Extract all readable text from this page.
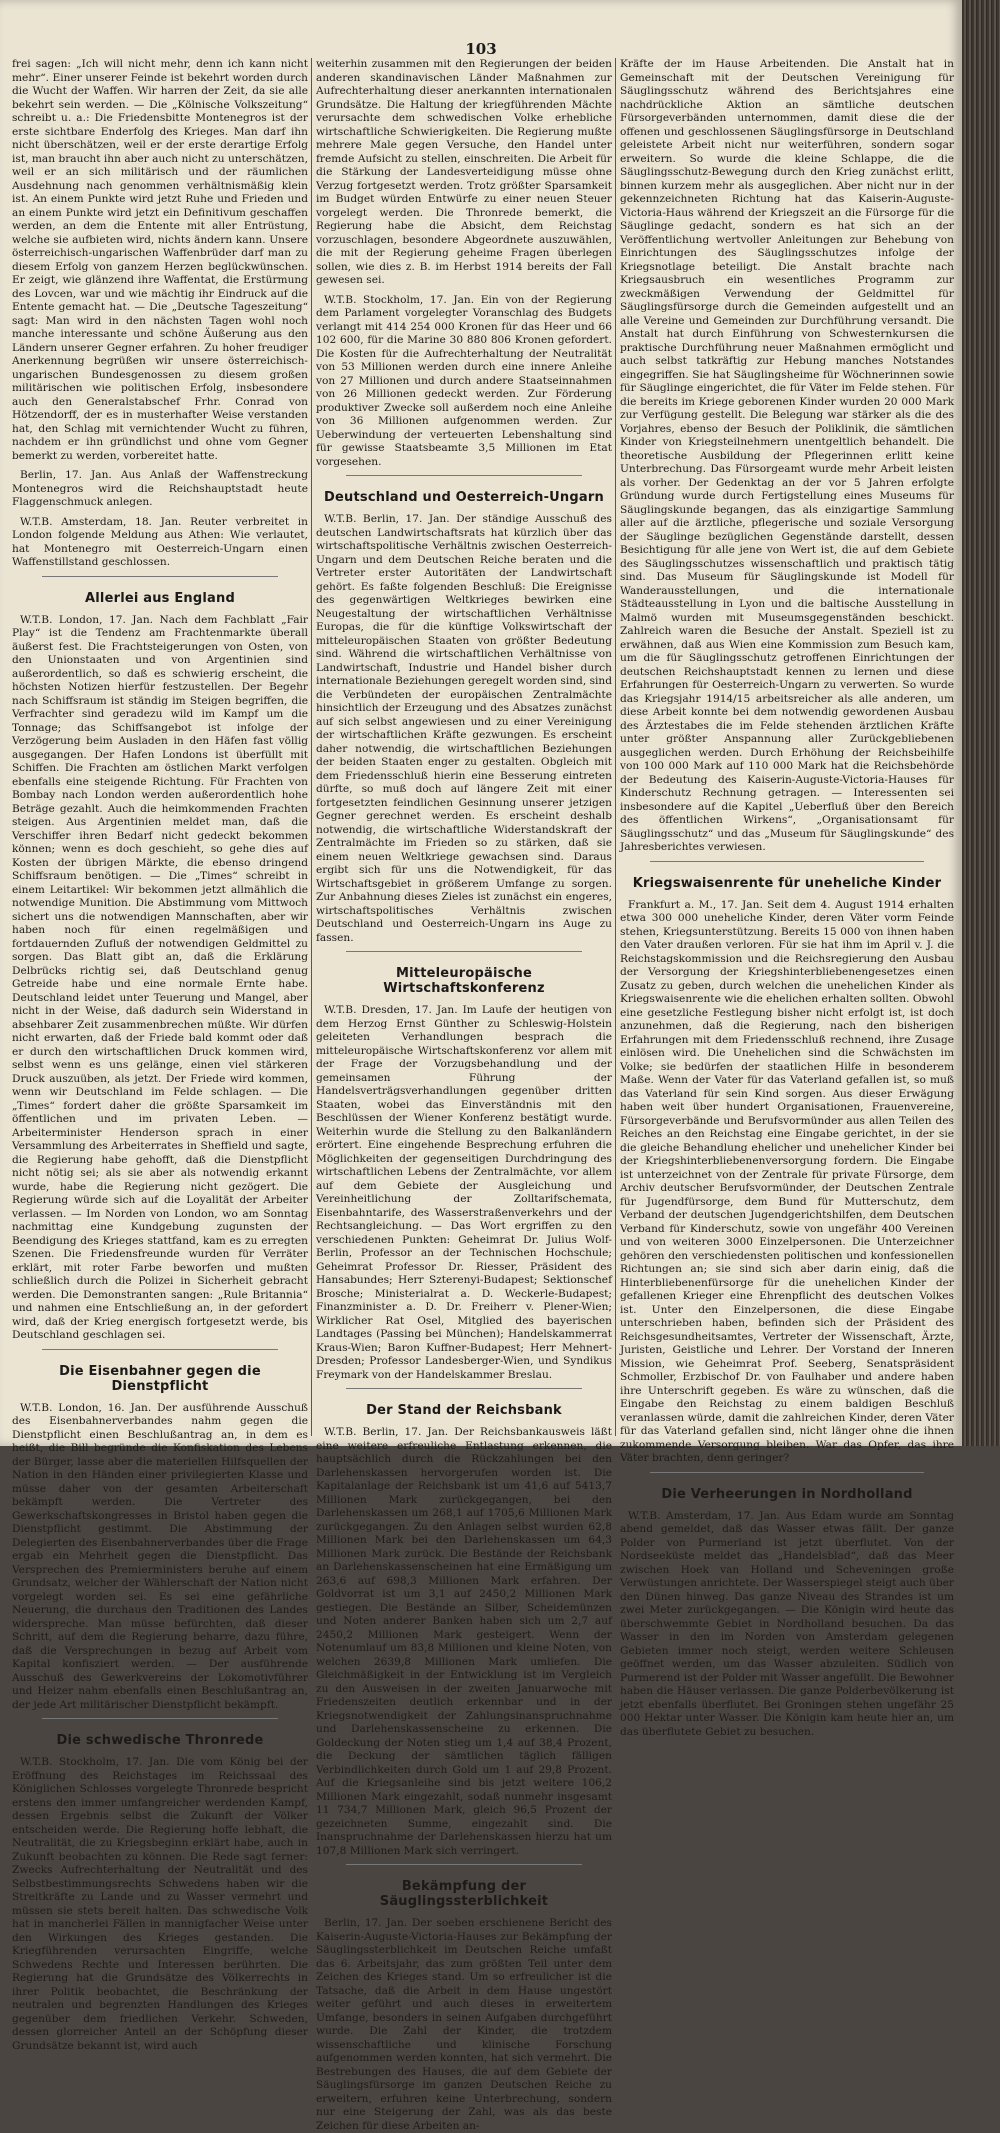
103

frei sagen: „Ich will nicht mehr, denn ich kann nicht mehr“. Einer unserer Feinde ist bekehrt worden durch die Wucht der Waffen. Wir harren der Zeit, da sie alle bekehrt sein werden. — Die „Kölnische Volkszeitung“ schreibt u. a.: Die Friedensbitte Montenegros ist der erste sichtbare Enderfolg des Krieges. Man darf ihn nicht überschätzen, weil er der erste derartige Erfolg ist, man braucht ihn aber auch nicht zu unterschätzen, weil er an sich militärisch und der räumlichen Ausdehnung nach genommen verhältnismäßig klein ist. An einem Punkte wird jetzt Ruhe und Frieden und an einem Punkte wird jetzt ein Definitivum geschaffen werden, an dem die Entente mit aller Entrüstung, welche sie aufbieten wird, nichts ändern kann. Unsere österreichisch-ungarischen Waffenbrüder darf man zu diesem Erfolg von ganzem Herzen beglückwünschen. Er zeigt, wie glänzend ihre Waffentat, die Erstürmung des Lovcen, war und wie mächtig ihr Eindruck auf die Entente gemacht hat. — Die „Deutsche Tageszeitung“ sagt: Man wird in den nächsten Tagen wohl noch manche interessante und schöne Äußerung aus den Ländern unserer Gegner erfahren. Zu hoher freudiger Anerkennung begrüßen wir unsere österreichisch-ungarischen Bundesgenossen zu diesem großen militärischen wie politischen Erfolg, insbesondere auch den Generalstabschef Frhr. Conrad von Hötzendorff, der es in musterhafter Weise verstanden hat, den Schlag mit vernichtender Wucht zu führen, nachdem er ihn gründlichst und ohne vom Gegner bemerkt zu werden, vorbereitet hatte.

Berlin, 17. Jan. Aus Anlaß der Waffenstreckung Montenegros wird die Reichshauptstadt heute Flaggenschmuck anlegen.

W.T.B. Amsterdam, 18. Jan. Reuter verbreitet in London folgende Meldung aus Athen: Wie verlautet, hat Montenegro mit Oesterreich-Ungarn einen Waffenstillstand geschlossen.

Allerlei aus England

W.T.B. London, 17. Jan. Nach dem Fachblatt „Fair Play“ ist die Tendenz am Frachtenmarkte überall äußerst fest. Die Frachtsteigerungen von Osten, von den Unionstaaten und von Argentinien sind außerordentlich, so daß es schwierig erscheint, die höchsten Notizen hierfür festzustellen. Der Begehr nach Schiffsraum ist ständig im Steigen begriffen, die Verfrachter sind geradezu wild im Kampf um die Tonnage; das Schiffsangebot ist infolge der Verzögerung beim Ausladen in den Häfen fast völlig ausgegangen. Der Hafen Londons ist überfüllt mit Schiffen. Die Frachten am östlichen Markt verfolgen ebenfalls eine steigende Richtung. Für Frachten von Bombay nach London werden außerordentlich hohe Beträge gezahlt. Auch die heimkommenden Frachten steigen. Aus Argentinien meldet man, daß die Verschiffer ihren Bedarf nicht gedeckt bekommen können; wenn es doch geschieht, so gehe dies auf Kosten der übrigen Märkte, die ebenso dringend Schiffsraum benötigen. — Die „Times“ schreibt in einem Leitartikel: Wir bekommen jetzt allmählich die notwendige Munition. Die Abstimmung vom Mittwoch sichert uns die notwendigen Mannschaften, aber wir haben noch für einen regelmäßigen und fortdauernden Zufluß der notwendigen Geldmittel zu sorgen. Das Blatt gibt an, daß die Erklärung Delbrücks richtig sei, daß Deutschland genug Getreide habe und eine normale Ernte habe. Deutschland leidet unter Teuerung und Mangel, aber nicht in der Weise, daß dadurch sein Widerstand in absehbarer Zeit zusammenbrechen müßte. Wir dürfen nicht erwarten, daß der Friede bald kommt oder daß er durch den wirtschaftlichen Druck kommen wird, selbst wenn es uns gelänge, einen viel stärkeren Druck auszuüben, als jetzt. Der Friede wird kommen, wenn wir Deutschland im Felde schlagen. — Die „Times“ fordert daher die größte Sparsamkeit im öffentlichen und im privaten Leben. — Arbeiterminister Henderson sprach in einer Versammlung des Arbeiterrates in Sheffield und sagte, die Regierung habe gehofft, daß die Dienstpflicht nicht nötig sei; als sie aber als notwendig erkannt wurde, habe die Regierung nicht gezögert. Die Regierung würde sich auf die Loyalität der Arbeiter verlassen. — Im Norden von London, wo am Sonntag nachmittag eine Kundgebung zugunsten der Beendigung des Krieges stattfand, kam es zu erregten Szenen. Die Friedensfreunde wurden für Verräter erklärt, mit roter Farbe beworfen und mußten schließlich durch die Polizei in Sicherheit gebracht werden. Die Demonstranten sangen: „Rule Britannia“ und nahmen eine Entschließung an, in der gefordert wird, daß der Krieg energisch fortgesetzt werde, bis Deutschland geschlagen sei.

Die Eisenbahner gegen die Dienstpflicht

W.T.B. London, 16. Jan. Der ausführende Ausschuß des Eisenbahnerverbandes nahm gegen die Dienstpflicht einen Beschlußantrag an, in dem es heißt, die Bill begründe die Konfiskation des Lebens der Bürger, lasse aber die materiellen Hilfsquellen der Nation in den Händen einer privilegierten Klasse und müsse daher von der gesamten Arbeiterschaft bekämpft werden. Die Vertreter des Gewerkschaftskongresses in Bristol haben gegen die Dienstpflicht gestimmt. Die Abstimmung der Delegierten des Eisenbahnerverbandes über die Frage ergab ein Mehrheit gegen die Dienstpflicht. Das Versprechen des Premierministers beruhe auf einem Grundsatz, welcher der Wählerschaft der Nation nicht vorgelegt worden sei. Es sei eine gefährliche Neuerung, die durchaus den Traditionen des Landes widerspreche. Man müsse befürchten, daß dieser Schritt, auf dem die Regierung beharre, dazu führe, daß die Versprechungen in bezug auf Arbeit vom Kapital konfisziert werden. — Der ausführende Ausschuß des Gewerkvereins der Lokomotivführer und Heizer nahm ebenfalls einen Beschlußantrag an, der jede Art militärischer Dienstpflicht bekämpft.

Die schwedische Thronrede

W.T.B. Stockholm, 17. Jan. Die vom König bei der Eröffnung des Reichstages im Reichssaal des Königlichen Schlosses vorgelegte Thronrede bespricht erstens den immer umfangreicher werdenden Kampf, dessen Ergebnis selbst die Zukunft der Völker entscheiden werde. Die Regierung hoffe lebhaft, die Neutralität, die zu Kriegsbeginn erklärt habe, auch in Zukunft beobachten zu können. Die Rede sagt ferner: Zwecks Aufrechterhaltung der Neutralität und des Selbstbestimmungsrechts Schwedens haben wir die Streitkräfte zu Lande und zu Wasser vermehrt und müssen sie stets bereit halten. Das schwedische Volk hat in mancherlei Fällen in mannigfacher Weise unter den Wirkungen des Krieges gestanden. Die Kriegführenden verursachten Eingriffe, welche Schwedens Rechte und Interessen berührten. Die Regierung hat die Grundsätze des Völkerrechts in ihrer Politik beobachtet, die Beschränkung der neutralen und begrenzten Handlungen des Krieges gegenüber dem friedlichen Verkehr. Schweden, dessen glorreicher Anteil an der Schöpfung dieser Grundsätze bekannt ist, wird auch

weiterhin zusammen mit den Regierungen der beiden anderen skandinavischen Länder Maßnahmen zur Aufrechterhaltung dieser anerkannten internationalen Grundsätze. Die Haltung der kriegführenden Mächte verursachte dem schwedischen Volke erhebliche wirtschaftliche Schwierigkeiten. Die Regierung mußte mehrere Male gegen Versuche, den Handel unter fremde Aufsicht zu stellen, einschreiten. Die Arbeit für die Stärkung der Landesverteidigung müsse ohne Verzug fortgesetzt werden. Trotz größter Sparsamkeit im Budget würden Entwürfe zu einer neuen Steuer vorgelegt werden. Die Thronrede bemerkt, die Regierung habe die Absicht, dem Reichstag vorzuschlagen, besondere Abgeordnete auszuwählen, die mit der Regierung geheime Fragen überlegen sollen, wie dies z. B. im Herbst 1914 bereits der Fall gewesen sei.

W.T.B. Stockholm, 17. Jan. Ein von der Regierung dem Parlament vorgelegter Voranschlag des Budgets verlangt mit 414 254 000 Kronen für das Heer und 66 102 600, für die Marine 30 880 806 Kronen gefordert. Die Kosten für die Aufrechterhaltung der Neutralität von 53 Millionen werden durch eine innere Anleihe von 27 Millionen und durch andere Staatseinnahmen von 26 Millionen gedeckt werden. Zur Förderung produktiver Zwecke soll außerdem noch eine Anleihe von 36 Millionen aufgenommen werden. Zur Ueberwindung der verteuerten Lebenshaltung sind für gewisse Staatsbeamte 3,5 Millionen im Etat vorgesehen.

Deutschland und Oesterreich-Ungarn

W.T.B. Berlin, 17. Jan. Der ständige Ausschuß des deutschen Landwirtschaftsrats hat kürzlich über das wirtschaftspolitische Verhältnis zwischen Oesterreich-Ungarn und dem Deutschen Reiche beraten und die Vertreter erster Autoritäten der Landwirtschaft gehört. Es faßte folgenden Beschluß: Die Ereignisse des gegenwärtigen Weltkrieges bewirken eine Neugestaltung der wirtschaftlichen Verhältnisse Europas, die für die künftige Volkswirtschaft der mitteleuropäischen Staaten von größter Bedeutung sind. Während die wirtschaftlichen Verhältnisse von Landwirtschaft, Industrie und Handel bisher durch internationale Beziehungen geregelt worden sind, sind die Verbündeten der europäischen Zentralmächte hinsichtlich der Erzeugung und des Absatzes zunächst auf sich selbst angewiesen und zu einer Vereinigung der wirtschaftlichen Kräfte gezwungen. Es erscheint daher notwendig, die wirtschaftlichen Beziehungen der beiden Staaten enger zu gestalten. Obgleich mit dem Friedensschluß hierin eine Besserung eintreten dürfte, so muß doch auf längere Zeit mit einer fortgesetzten feindlichen Gesinnung unserer jetzigen Gegner gerechnet werden. Es erscheint deshalb notwendig, die wirtschaftliche Widerstandskraft der Zentralmächte im Frieden so zu stärken, daß sie einem neuen Weltkriege gewachsen sind. Daraus ergibt sich für uns die Notwendigkeit, für das Wirtschaftsgebiet in größerem Umfange zu sorgen. Zur Anbahnung dieses Zieles ist zunächst ein engeres, wirtschaftspolitisches Verhältnis zwischen Deutschland und Oesterreich-Ungarn ins Auge zu fassen.

Mitteleuropäische Wirtschaftskonferenz

W.T.B. Dresden, 17. Jan. Im Laufe der heutigen von dem Herzog Ernst Günther zu Schleswig-Holstein geleiteten Verhandlungen besprach die mitteleuropäische Wirtschaftskonferenz vor allem mit der Frage der Vorzugsbehandlung und der gemeinsamen Führung der Handelsverträgsverhandlungen gegenüber dritten Staaten, wobei das Einverständnis mit den Beschlüssen der Wiener Konferenz bestätigt wurde. Weiterhin wurde die Stellung zu den Balkanländern erörtert. Eine eingehende Besprechung erfuhren die Möglichkeiten der gegenseitigen Durchdringung des wirtschaftlichen Lebens der Zentralmächte, vor allem auf dem Gebiete der Ausgleichung und Vereinheitlichung der Zolltarifschemata, Eisenbahntarife, des Wasserstraßenverkehrs und der Rechtsangleichung. — Das Wort ergriffen zu den verschiedenen Punkten: Geheimrat Dr. Julius Wolf-Berlin, Professor an der Technischen Hochschule; Geheimrat Professor Dr. Riesser, Präsident des Hansabundes; Herr Szterenyi-Budapest; Sektionschef Brosche; Ministerialrat a. D. Weckerle-Budapest; Finanzminister a. D. Dr. Freiherr v. Plener-Wien; Wirklicher Rat Osel, Mitglied des bayerischen Landtages (Passing bei München); Handelskammerrat Kraus-Wien; Baron Kuffner-Budapest; Herr Mehnert-Dresden; Professor Landesberger-Wien, und Syndikus Freymark von der Handelskammer Breslau.

Der Stand der Reichsbank

W.T.B. Berlin, 17. Jan. Der Reichsbankausweis läßt eine weitere erfreuliche Entlastung erkennen, die hauptsächlich durch die Rückzahlungen bei den Darlehenskassen hervorgerufen worden ist. Die Kapitalanlage der Reichsbank ist um 41,6 auf 5413,7 Millionen Mark zurückgegangen, bei den Darlehenskassen um 268,1 auf 1705,6 Millionen Mark zurückgegangen. Zu den Anlagen selbst wurden 62,8 Millionen Mark bei den Darlehenskassen um 64,3 Millionen Mark zurück. Die Bestände der Reichsbank an Darlehenskassenscheinen hat eine Ermäßigung um 263,6 auf 698,3 Millionen Mark erfahren. Der Goldvorrat ist um 3,1 auf 2450,2 Millionen Mark gestiegen. Die Bestände an Silber, Scheidemünzen und Noten anderer Banken haben sich um 2,7 auf 2450,2 Millionen Mark gesteigert. Wenn der Notenumlauf um 83,8 Millionen und kleine Noten, von welchen 2639,8 Millionen Mark umliefen. Die Gleichmäßigkeit in der Entwicklung ist im Vergleich zu den Ausweisen in der zweiten Januarwoche mit Friedenszeiten deutlich erkennbar und in der Kriegsnotwendigkeit der Zahlungsinanspruchnahme und Darlehenskassenscheine zu erkennen. Die Goldeckung der Noten stieg um 1,4 auf 38,4 Prozent, die Deckung der sämtlichen täglich fälligen Verbindlichkeiten durch Gold um 1 auf 29,8 Prozent. Auf die Kriegsanleihe sind bis jetzt weitere 106,2 Millionen Mark eingezahlt, sodaß nunmehr insgesamt 11 734,7 Millionen Mark, gleich 96,5 Prozent der gezeichneten Summe, eingezahlt sind. Die Inanspruchnahme der Darlehenskassen hierzu hat um 107,8 Millionen Mark sich verringert.

Bekämpfung der Säuglingssterblichkeit

Berlin, 17. Jan. Der soeben erschienene Bericht des Kaiserin-Auguste-Victoria-Hauses zur Bekämpfung der Säuglingssterblichkeit im Deutschen Reiche umfaßt das 6. Arbeitsjahr, das zum größten Teil unter dem Zeichen des Krieges stand. Um so erfreulicher ist die Tatsache, daß die Arbeit in dem Hause ungestört weiter geführt und auch dieses in erweitertem Umfange, besonders in seinen Aufgaben durchgeführt wurde. Die Zahl der Kinder, die trotzdem wissenschaftliche und klinische Forschung aufgenommen werden konnten, hat sich vermehrt. Die Bestrebungen des Hauses, die auf dem Gebiete der Säuglingsfürsorge im ganzen Deutschen Reiche zu erweitern, erfuhren keine Unterbrechung, sondern nur eine Steigerung der Zahl, was als das beste Zeichen für diese Arbeiten an-

Kräfte der im Hause Arbeitenden. Die Anstalt hat in Gemeinschaft mit der Deutschen Vereinigung für Säuglingsschutz während des Berichtsjahres eine nachdrückliche Aktion an sämtliche deutschen Fürsorgeverbänden unternommen, damit diese die der offenen und geschlossenen Säuglingsfürsorge in Deutschland geleistete Arbeit nicht nur weiterführen, sondern sogar erweitern. So wurde die kleine Schlappe, die die Säuglingsschutz-Bewegung durch den Krieg zunächst erlitt, binnen kurzem mehr als ausgeglichen. Aber nicht nur in der gekennzeichneten Richtung hat das Kaiserin-Auguste-Victoria-Haus während der Kriegszeit an die Fürsorge für die Säuglinge gedacht, sondern es hat sich an der Veröffentlichung wertvoller Anleitungen zur Behebung von Einrichtungen des Säuglingsschutzes infolge der Kriegsnotlage beteiligt. Die Anstalt brachte nach Kriegsausbruch ein wesentliches Programm zur zweckmäßigen Verwendung der Geldmittel für Säuglingsfürsorge durch die Gemeinden aufgestellt und an alle Vereine und Gemeinden zur Durchführung versandt. Die Anstalt hat durch Einführung von Schwesternkursen die praktische Durchführung neuer Maßnahmen ermöglicht und auch selbst tatkräftig zur Hebung manches Notstandes eingegriffen. Sie hat Säuglingsheime für Wöchnerinnen sowie für Säuglinge eingerichtet, die für Väter im Felde stehen. Für die bereits im Kriege geborenen Kinder wurden 20 000 Mark zur Verfügung gestellt. Die Belegung war stärker als die des Vorjahres, ebenso der Besuch der Poliklinik, die sämtlichen Kinder von Kriegsteilnehmern unentgeltlich behandelt. Die theoretische Ausbildung der Pflegerinnen erlitt keine Unterbrechung. Das Fürsorgeamt wurde mehr Arbeit leisten als vorher. Der Gedenktag an der vor 5 Jahren erfolgte Gründung wurde durch Fertigstellung eines Museums für Säuglingskunde begangen, das als einzigartige Sammlung aller auf die ärztliche, pflegerische und soziale Versorgung der Säuglinge bezüglichen Gegenstände darstellt, dessen Besichtigung für alle jene von Wert ist, die auf dem Gebiete des Säuglingsschutzes wissenschaftlich und praktisch tätig sind. Das Museum für Säuglingskunde ist Modell für Wanderausstellungen, und die internationale Städteausstellung in Lyon und die baltische Ausstellung in Malmö wurden mit Museumsgegenständen beschickt. Zahlreich waren die Besuche der Anstalt. Speziell ist zu erwähnen, daß aus Wien eine Kommission zum Besuch kam, um die für Säuglingsschutz getroffenen Einrichtungen der deutschen Reichshauptstadt kennen zu lernen und diese Erfahrungen für Oesterreich-Ungarn zu verwerten. So wurde das Kriegsjahr 1914/15 arbeitsreicher als alle anderen, um diese Arbeit konnte bei dem notwendig gewordenen Ausbau des Ärztestabes die im Felde stehenden ärztlichen Kräfte unter größter Anspannung aller Zurückgebliebenen ausgeglichen werden. Durch Erhöhung der Reichsbeihilfe von 100 000 Mark auf 110 000 Mark hat die Reichsbehörde der Bedeutung des Kaiserin-Auguste-Victoria-Hauses für Kinderschutz Rechnung getragen. — Interessenten sei insbesondere auf die Kapitel „Ueberfluß über den Bereich des öffentlichen Wirkens“, „Organisationsamt für Säuglingsschutz“ und das „Museum für Säuglingskunde“ des Jahresberichtes verwiesen.

Kriegswaisenrente für uneheliche Kinder

Frankfurt a. M., 17. Jan. Seit dem 4. August 1914 erhalten etwa 300 000 uneheliche Kinder, deren Väter vorm Feinde stehen, Kriegsunterstützung. Bereits 15 000 von ihnen haben den Vater draußen verloren. Für sie hat ihm im April v. J. die Reichstagskommission und die Reichsregierung den Ausbau der Versorgung der Kriegshinterbliebenengesetzes einen Zusatz zu geben, durch welchen die unehelichen Kinder als Kriegswaisenrente wie die ehelichen erhalten sollten. Obwohl eine gesetzliche Festlegung bisher nicht erfolgt ist, ist doch anzunehmen, daß die Regierung, nach den bisherigen Erfahrungen mit dem Friedensschluß rechnend, ihre Zusage einlösen wird. Die Unehelichen sind die Schwächsten im Volke; sie bedürfen der staatlichen Hilfe in besonderem Maße. Wenn der Vater für das Vaterland gefallen ist, so muß das Vaterland für sein Kind sorgen. Aus dieser Erwägung haben weit über hundert Organisationen, Frauenvereine, Fürsorgeverbände und Berufsvormünder aus allen Teilen des Reiches an den Reichstag eine Eingabe gerichtet, in der sie die gleiche Behandlung ehelicher und unehelicher Kinder bei der Kriegshinterbliebenenversorgung fordern. Die Eingabe ist unterzeichnet von der Zentrale für private Fürsorge, dem Archiv deutscher Berufsvormünder, der Deutschen Zentrale für Jugendfürsorge, dem Bund für Mutterschutz, dem Verband der deutschen Jugendgerichtshilfen, dem Deutschen Verband für Kinderschutz, sowie von ungefähr 400 Vereinen und von weiteren 3000 Einzelpersonen. Die Unterzeichner gehören den verschiedensten politischen und konfessionellen Richtungen an; sie sind sich aber darin einig, daß die Hinterbliebenenfürsorge für die unehelichen Kinder der gefallenen Krieger eine Ehrenpflicht des deutschen Volkes ist. Unter den Einzelpersonen, die diese Eingabe unterschrieben haben, befinden sich der Präsident des Reichsgesundheitsamtes, Vertreter der Wissenschaft, Ärzte, Juristen, Geistliche und Lehrer. Der Vorstand der Inneren Mission, wie Geheimrat Prof. Seeberg, Senatspräsident Schmoller, Erzbischof Dr. von Faulhaber und andere haben ihre Unterschrift gegeben. Es wäre zu wünschen, daß die Eingabe den Reichstag zu einem baldigen Beschluß veranlassen würde, damit die zahlreichen Kinder, deren Väter für das Vaterland gefallen sind, nicht länger ohne die ihnen zukommende Versorgung bleiben. War das Opfer, das ihre Väter brachten, denn geringer?

Die Verheerungen in Nordholland

W.T.B. Amsterdam, 17. Jan. Aus Edam wurde am Sonntag abend gemeldet, daß das Wasser etwas fällt. Der ganze Polder von Purmerland ist jetzt überflutet. Von der Nordseeküste meldet das „Handelsblad“, daß das Meer zwischen Hoek van Holland und Scheveningen große Verwüstungen anrichtete. Der Wasserspiegel steigt auch über den Dünen hinweg. Das ganze Niveau des Strandes ist um zwei Meter zurückgegangen. — Die Königin wird heute das überschwemmte Gebiet in Nordholland besuchen. Da das Wasser in den im Norden von Amsterdam gelegenen Gebieten immer noch steigt, werden weitere Schleusen geöffnet werden, um das Wasser abzuleiten. Südlich von Purmerend ist der Polder mit Wasser angefüllt. Die Bewohner haben die Häuser verlassen. Die ganze Polderbevölkerung ist jetzt ebenfalls überflutet. Bei Groningen stehen ungefähr 25 000 Hektar unter Wasser. Die Königin kam heute hier an, um das überflutete Gebiet zu besuchen.
